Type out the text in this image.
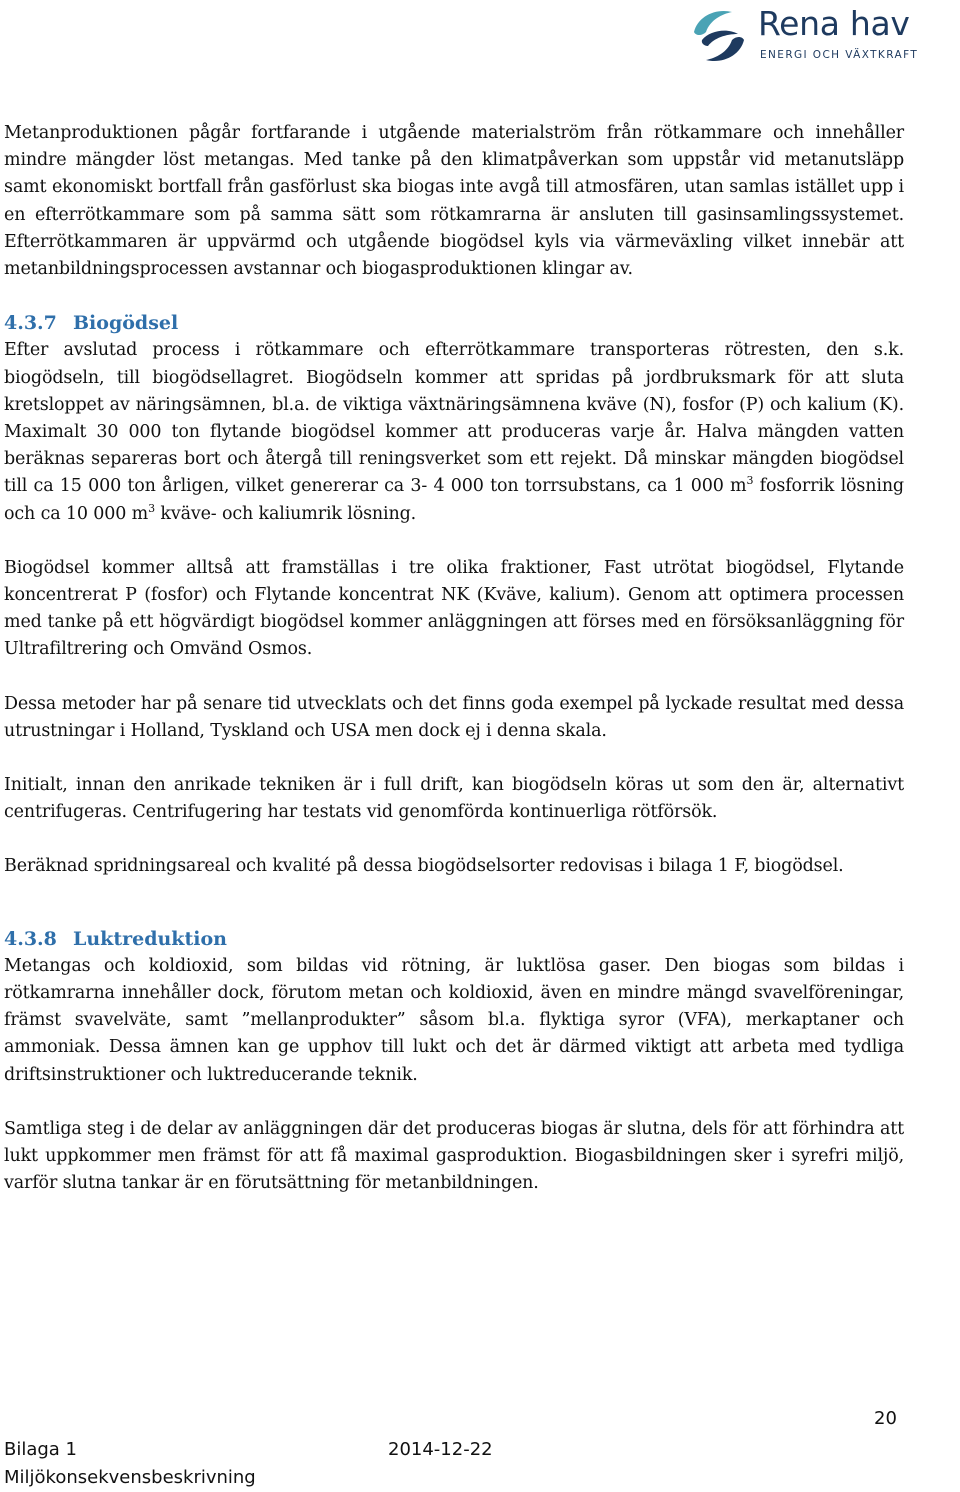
Rena hav
ENERGI OCH VÄXTKRAFT

Metanproduktionen pågår fortfarande i utgående materialström från rötkammare och innehåller mindre mängder löst metangas. Med tanke på den klimatpåverkan som uppstår vid metanutsläpp samt ekonomiskt bortfall från gasförlust ska biogas inte avgå till atmosfären, utan samlas istället upp i en efterrötkammare som på samma sätt som rötkamrarna är ansluten till gasinsamlingssystemet. Efterrötkammaren är uppvärmd och utgående biogödsel kyls via värmeväxling vilket innebär att metanbildningsprocessen avstannar och biogasproduktionen klingar av.

4.3.7 Biogödsel

Efter avslutad process i rötkammare och efterrötkammare transporteras rötresten, den s.k. biogödseln, till biogödsellagret. Biogödseln kommer att spridas på jordbruksmark för att sluta kretsloppet av näringsämnen, bl.a. de viktiga växtnäringsämnena kväve (N), fosfor (P) och kalium (K). Maximalt 30 000 ton flytande biogödsel kommer att produceras varje år. Halva mängden vatten beräknas separeras bort och återgå till reningsverket som ett rejekt. Då minskar mängden biogödsel till ca 15 000 ton årligen, vilket genererar ca 3- 4 000 ton torrsubstans, ca 1 000 $m^3$ fosforrik lösning och ca 10 000 $m^3$ kväve- och kaliumrik lösning.

Biogödsel kommer alltså att framställas i tre olika fraktioner, Fast utrötat biogödsel, Flytande koncentrerat P (fosfor) och Flytande koncentrat NK (Kväve, kalium). Genom att optimera processen med tanke på ett högvärdigt biogödsel kommer anläggningen att förses med en försöksanläggning för Ultrafiltrering och Omvänd Osmos.

Dessa metoder har på senare tid utvecklats och det finns goda exempel på lyckade resultat med dessa utrustningar i Holland, Tyskland och USA men dock ej i denna skala.

Initialt, innan den anrikade tekniken är i full drift, kan biogödseln köras ut som den är, alternativt centrifugeras. Centrifugering har testats vid genomförda kontinuerliga rötförsök.

Beräknad spridningsareal och kvalité på dessa biogödselsorter redovisas i bilaga 1 F, biogödsel.

4.3.8 Luktreduktion

Metangas och koldioxid, som bildas vid rötning, är luktlösa gaser. Den biogas som bildas i rötkamrarna innehåller dock, förutom metan och koldioxid, även en mindre mängd svavelföreningar, främst svavelväte, samt ”mellanprodukter” såsom bl.a. flyktiga syror (VFA), merkaptaner och ammoniak. Dessa ämnen kan ge upphov till lukt och det är därmed viktigt att arbeta med tydliga driftsinstruktioner och luktreducerande teknik.

Samtliga steg i de delar av anläggningen där det produceras biogas är slutna, dels för att förhindra att lukt uppkommer men främst för att få maximal gasproduktion. Biogasbildningen sker i syrefri miljö, varför slutna tankar är en förutsättning för metanbildningen.

20
Bilaga 1
Miljökonsekvensbeskrivning
2014-12-22
